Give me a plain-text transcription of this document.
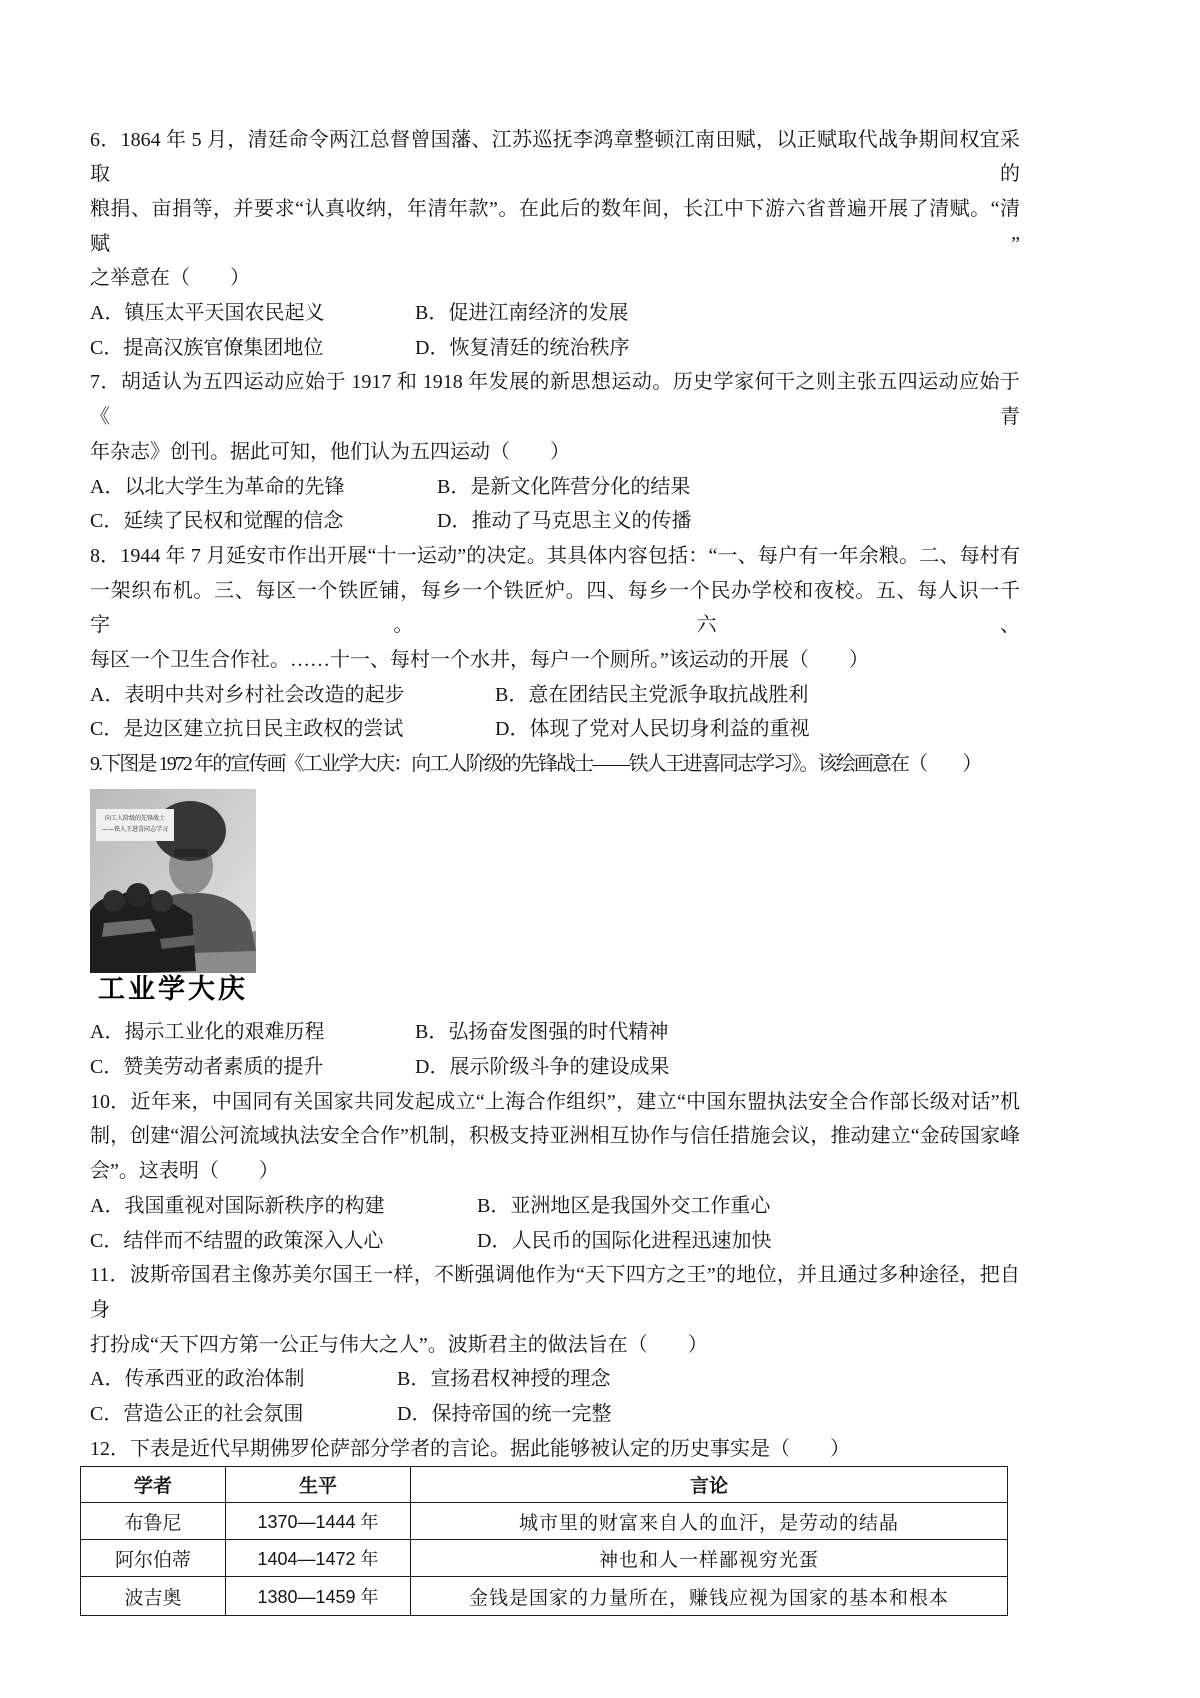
6．1864 年 5 月，清廷命令两江总督曾国藩、江苏巡抚李鸿章整顿江南田赋，以正赋取代战争期间权宜采取的
粮捐、亩捐等，并要求“认真收纳，年清年款”。在此后的数年间，长江中下游六省普遍开展了清赋。“清赋”
之举意在（　　）
A．镇压太平天国农民起义	B．促进江南经济的发展
C．提高汉族官僚集团地位	D．恢复清廷的统治秩序
7．胡适认为五四运动应始于 1917 和 1918 年发展的新思想运动。历史学家何干之则主张五四运动应始于《青
年杂志》创刊。据此可知，他们认为五四运动（　　）
A．以北大学生为革命的先锋	B．是新文化阵营分化的结果
C．延续了民权和觉醒的信念	D．推动了马克思主义的传播
8．1944 年 7 月延安市作出开展“十一运动”的决定。其具体内容包括：“一、每户有一年余粮。二、每村有
一架织布机。三、每区一个铁匠铺，每乡一个铁匠炉。四、每乡一个民办学校和夜校。五、每人识一千字。六、
每区一个卫生合作社。……十一、每村一个水井，每户一个厕所。”该运动的开展（　　）
A．表明中共对乡村社会改造的起步	B．意在团结民主党派争取抗战胜利
C．是边区建立抗日民主政权的尝试	D．体现了党对人民切身利益的重视
9.下图是 1972 年的宣传画《工业学大庆：向工人阶级的先锋战士——铁人王进喜同志学习》。该绘画意在（　　）
向工人阶级的先锋战士
——铁人王进喜同志学习
工业学大庆
A．揭示工业化的艰难历程	B．弘扬奋发图强的时代精神
C．赞美劳动者素质的提升	D．展示阶级斗争的建设成果
10．近年来，中国同有关国家共同发起成立“上海合作组织”，建立“中国东盟执法安全合作部长级对话”机
制，创建“湄公河流域执法安全合作”机制，积极支持亚洲相互协作与信任措施会议，推动建立“金砖国家峰
会”。这表明（　　）
A．我国重视对国际新秩序的构建	B．亚洲地区是我国外交工作重心
C．结伴而不结盟的政策深入人心	D．人民币的国际化进程迅速加快
11．波斯帝国君主像苏美尔国王一样，不断强调他作为“天下四方之王”的地位，并且通过多种途径，把自身
打扮成“天下四方第一公正与伟大之人”。波斯君主的做法旨在（　　）
A．传承西亚的政治体制	B．宣扬君权神授的理念
C．营造公正的社会氛围	D．保持帝国的统一完整
12．下表是近代早期佛罗伦萨部分学者的言论。据此能够被认定的历史事实是（　　）
学者	生平	言论
布鲁尼	1370—1444 年	城市里的财富来自人的血汗，是劳动的结晶
阿尔伯蒂	1404—1472 年	神也和人一样鄙视穷光蛋
波吉奥	1380—1459 年	金钱是国家的力量所在，赚钱应视为国家的基本和根本
